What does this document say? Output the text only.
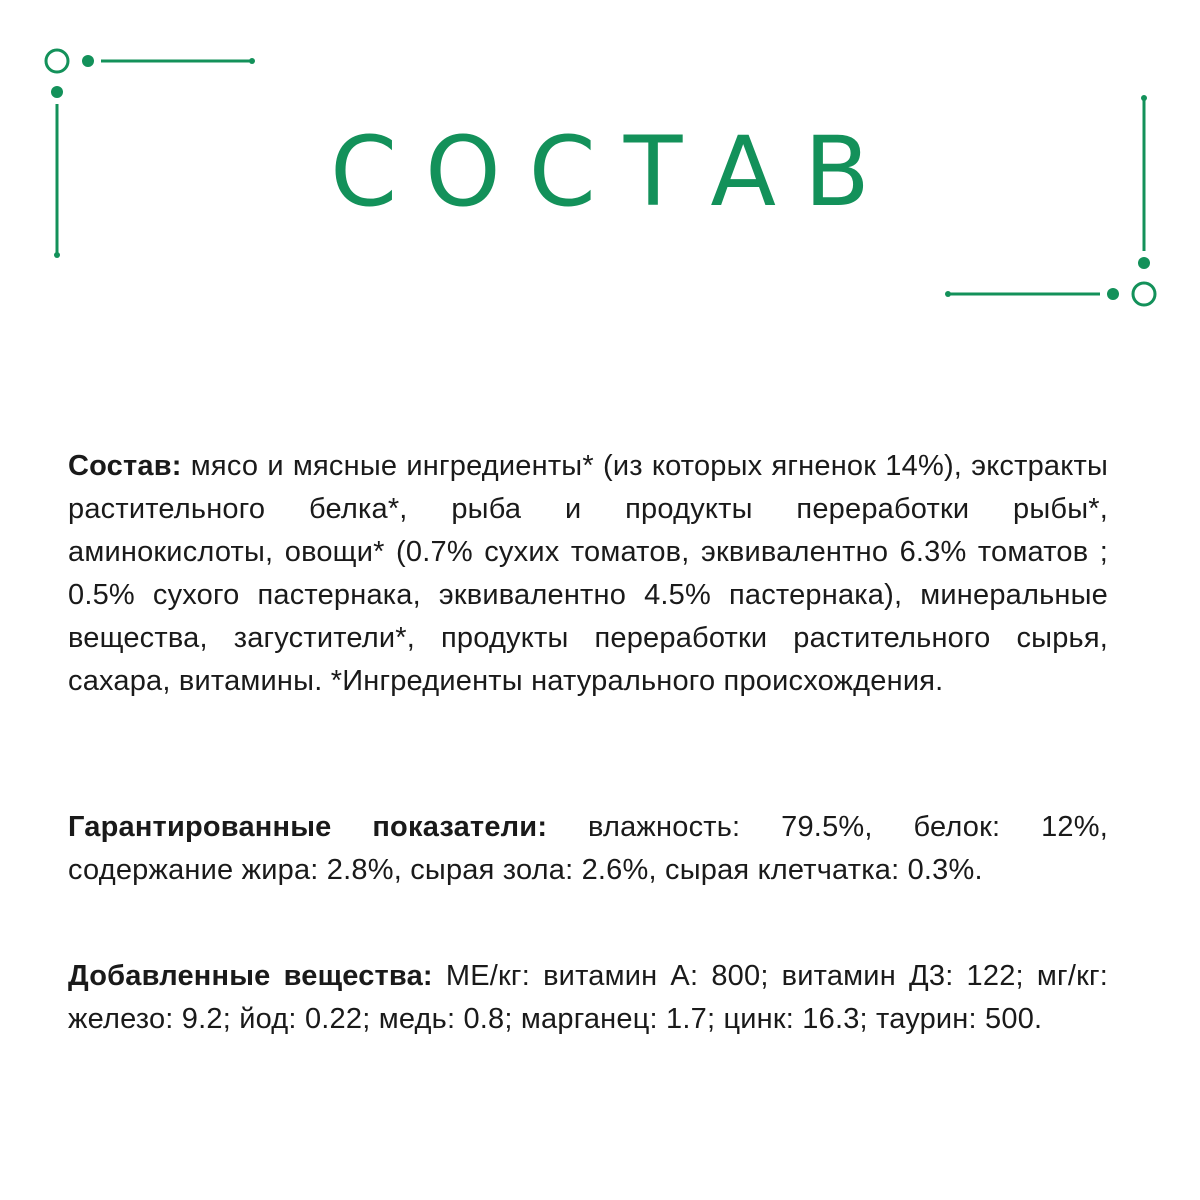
СОСТАВ

Состав: мясо и мясные ингредиенты* (из которых ягненок 14%), экстракты растительного белка*, рыба и продукты переработки рыбы*, аминокислоты, овощи* (0.7% сухих томатов, эквивалентно 6.3% томатов ; 0.5% сухого пастернака, эквивалентно 4.5% пастернака), минеральные вещества, загустители*, продукты переработки растительного сырья, сахара, витамины. *Ингредиенты натурального происхождения.

Гарантированные показатели: влажность: 79.5%, белок: 12%, содержание жира: 2.8%, сырая зола: 2.6%, сырая клетчатка: 0.3%.

Добавленные вещества: МЕ/кг: витамин А: 800; витамин Д3: 122; мг/кг: железо: 9.2; йод: 0.22; медь: 0.8; марганец: 1.7; цинк: 16.3; таурин: 500.
